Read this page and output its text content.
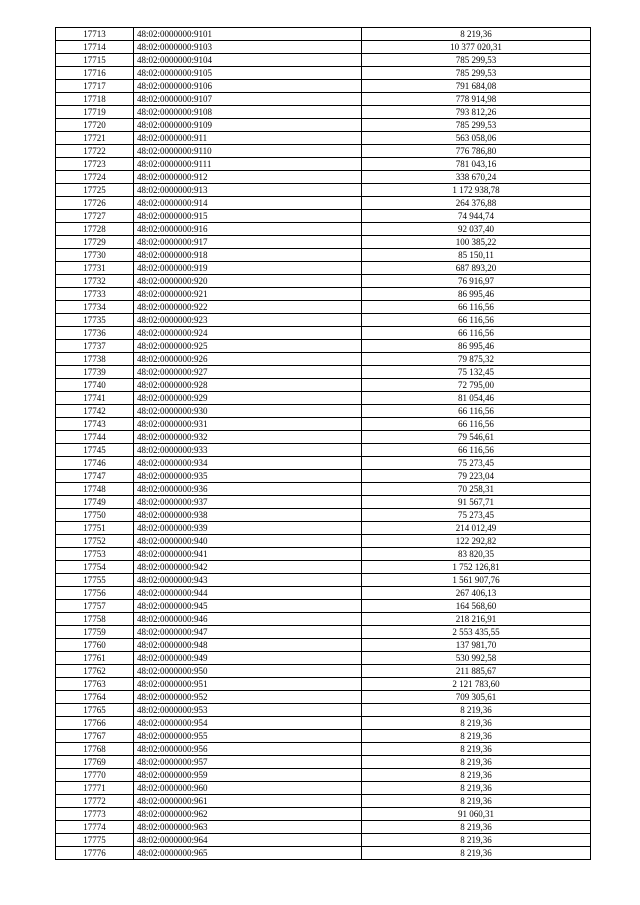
17713	48:02:0000000:9101	8 219,36
17714	48:02:0000000:9103	10 377 020,31
17715	48:02:0000000:9104	785 299,53
17716	48:02:0000000:9105	785 299,53
17717	48:02:0000000:9106	791 684,08
17718	48:02:0000000:9107	778 914,98
17719	48:02:0000000:9108	793 812,26
17720	48:02:0000000:9109	785 299,53
17721	48:02:0000000:911	563 058,06
17722	48:02:0000000:9110	776 786,80
17723	48:02:0000000:9111	781 043,16
17724	48:02:0000000:912	338 670,24
17725	48:02:0000000:913	1 172 938,78
17726	48:02:0000000:914	264 376,88
17727	48:02:0000000:915	74 944,74
17728	48:02:0000000:916	92 037,40
17729	48:02:0000000:917	100 385,22
17730	48:02:0000000:918	85 150,11
17731	48:02:0000000:919	687 893,20
17732	48:02:0000000:920	76 916,97
17733	48:02:0000000:921	86 995,46
17734	48:02:0000000:922	66 116,56
17735	48:02:0000000:923	66 116,56
17736	48:02:0000000:924	66 116,56
17737	48:02:0000000:925	86 995,46
17738	48:02:0000000:926	79 875,32
17739	48:02:0000000:927	75 132,45
17740	48:02:0000000:928	72 795,00
17741	48:02:0000000:929	81 054,46
17742	48:02:0000000:930	66 116,56
17743	48:02:0000000:931	66 116,56
17744	48:02:0000000:932	79 546,61
17745	48:02:0000000:933	66 116,56
17746	48:02:0000000:934	75 273,45
17747	48:02:0000000:935	79 223,04
17748	48:02:0000000:936	70 258,31
17749	48:02:0000000:937	91 567,71
17750	48:02:0000000:938	75 273,45
17751	48:02:0000000:939	214 012,49
17752	48:02:0000000:940	122 292,82
17753	48:02:0000000:941	83 820,35
17754	48:02:0000000:942	1 752 126,81
17755	48:02:0000000:943	1 561 907,76
17756	48:02:0000000:944	267 406,13
17757	48:02:0000000:945	164 568,60
17758	48:02:0000000:946	218 216,91
17759	48:02:0000000:947	2 553 435,55
17760	48:02:0000000:948	137 981,70
17761	48:02:0000000:949	530 992,58
17762	48:02:0000000:950	211 885,67
17763	48:02:0000000:951	2 121 783,60
17764	48:02:0000000:952	709 305,61
17765	48:02:0000000:953	8 219,36
17766	48:02:0000000:954	8 219,36
17767	48:02:0000000:955	8 219,36
17768	48:02:0000000:956	8 219,36
17769	48:02:0000000:957	8 219,36
17770	48:02:0000000:959	8 219,36
17771	48:02:0000000:960	8 219,36
17772	48:02:0000000:961	8 219,36
17773	48:02:0000000:962	91 060,31
17774	48:02:0000000:963	8 219,36
17775	48:02:0000000:964	8 219,36
17776	48:02:0000000:965	8 219,36
